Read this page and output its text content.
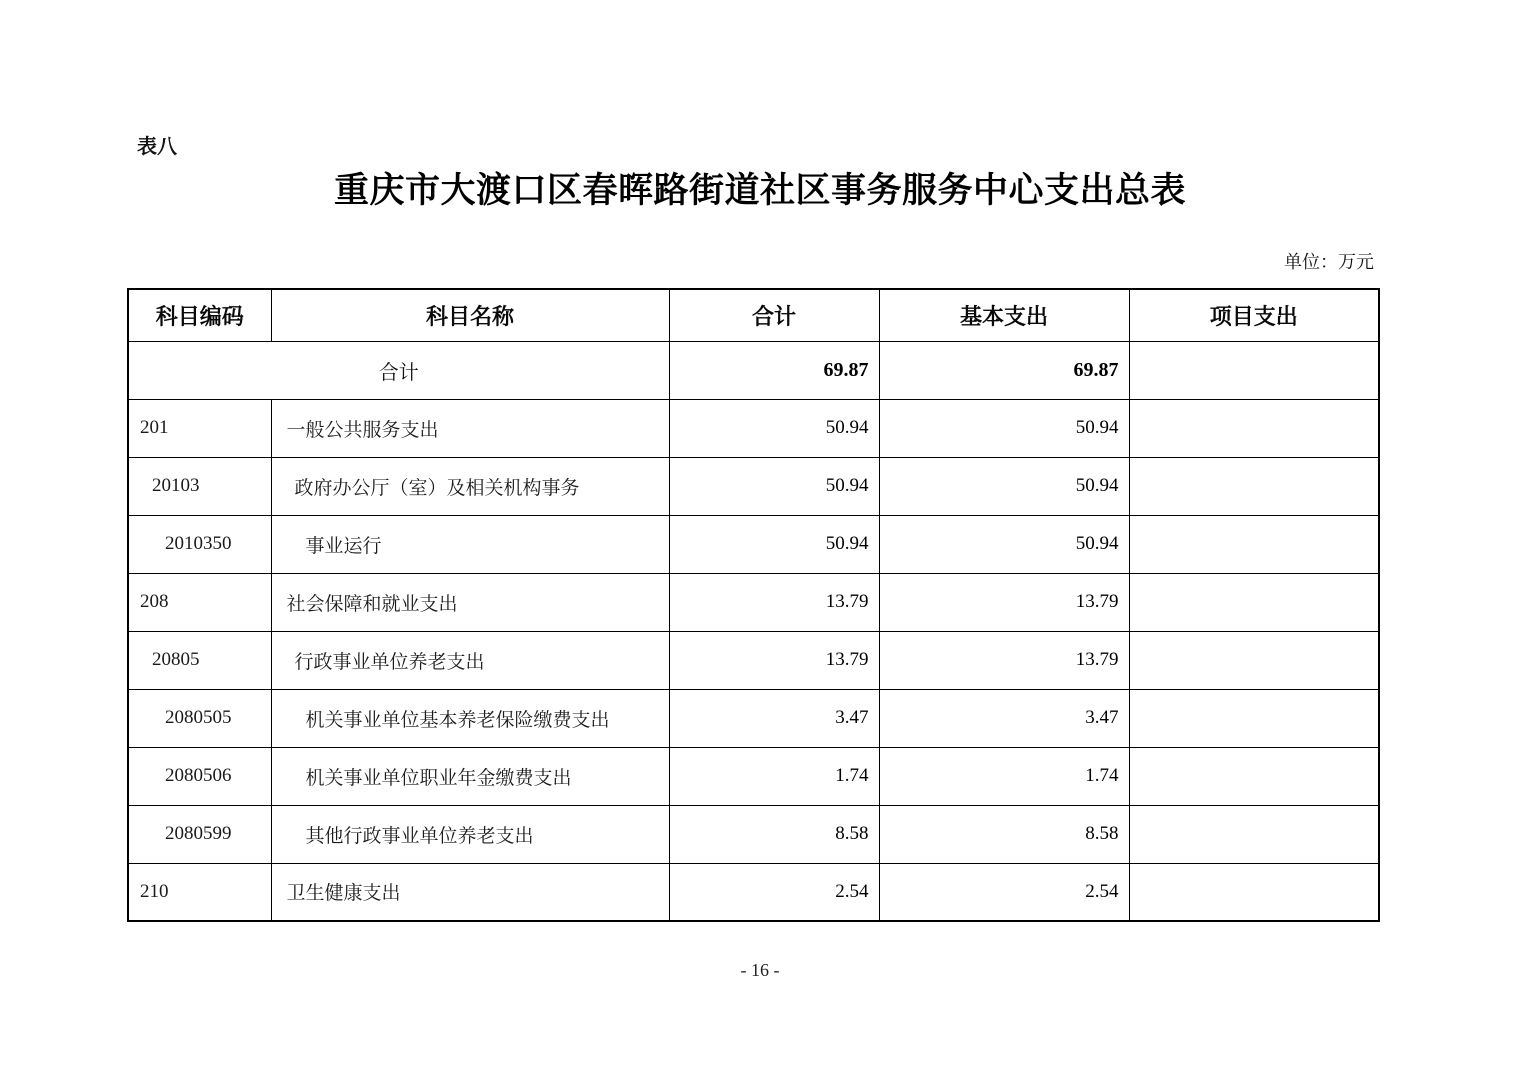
表八
重庆市大渡口区春晖路街道社区事务服务中心支出总表
单位：万元
科目编码	科目名称	合计	基本支出	项目支出
合计		69.87	69.87	
201	一般公共服务支出	50.94	50.94	
20103	政府办公厅（室）及相关机构事务	50.94	50.94	
2010350	事业运行	50.94	50.94	
208	社会保障和就业支出	13.79	13.79	
20805	行政事业单位养老支出	13.79	13.79	
2080505	机关事业单位基本养老保险缴费支出	3.47	3.47	
2080506	机关事业单位职业年金缴费支出	1.74	1.74	
2080599	其他行政事业单位养老支出	8.58	8.58	
210	卫生健康支出	2.54	2.54	
- 16 -
